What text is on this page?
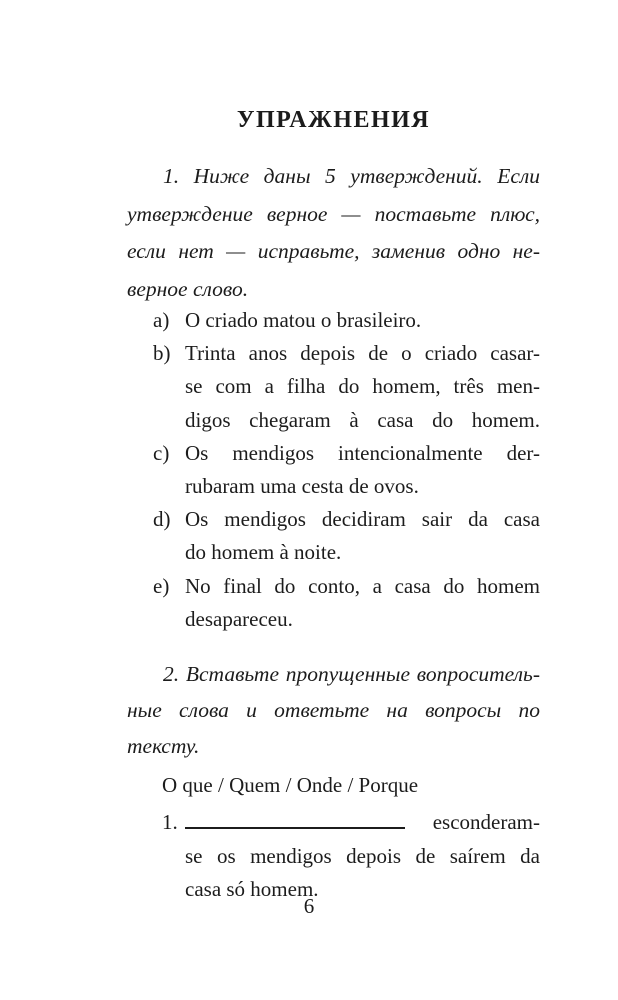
УПРАЖНЕНИЯ
1. Ниже даны 5 утверждений. Если
утверждение верное — поставьте плюс,
если нет — исправьте, заменив одно не-
верное слово.
a) O criado matou o brasileiro.
b) Trinta anos depois de o criado casar-
se com a filha do homem, três men-
digos chegaram à casa do homem.
c) Os mendigos intencionalmente der-
rubaram uma cesta de ovos.
d) Os mendigos decidiram sair da casa
do homem à noite.
e) No final do conto, a casa do homem
desapareceu.
2. Вставьте пропущенные вопроситель-
ные слова и ответьте на вопросы по тексту.
O que / Quem / Onde / Porque
1.	esconderam-
se os mendigos depois de saírem da
casa só homem.
6
